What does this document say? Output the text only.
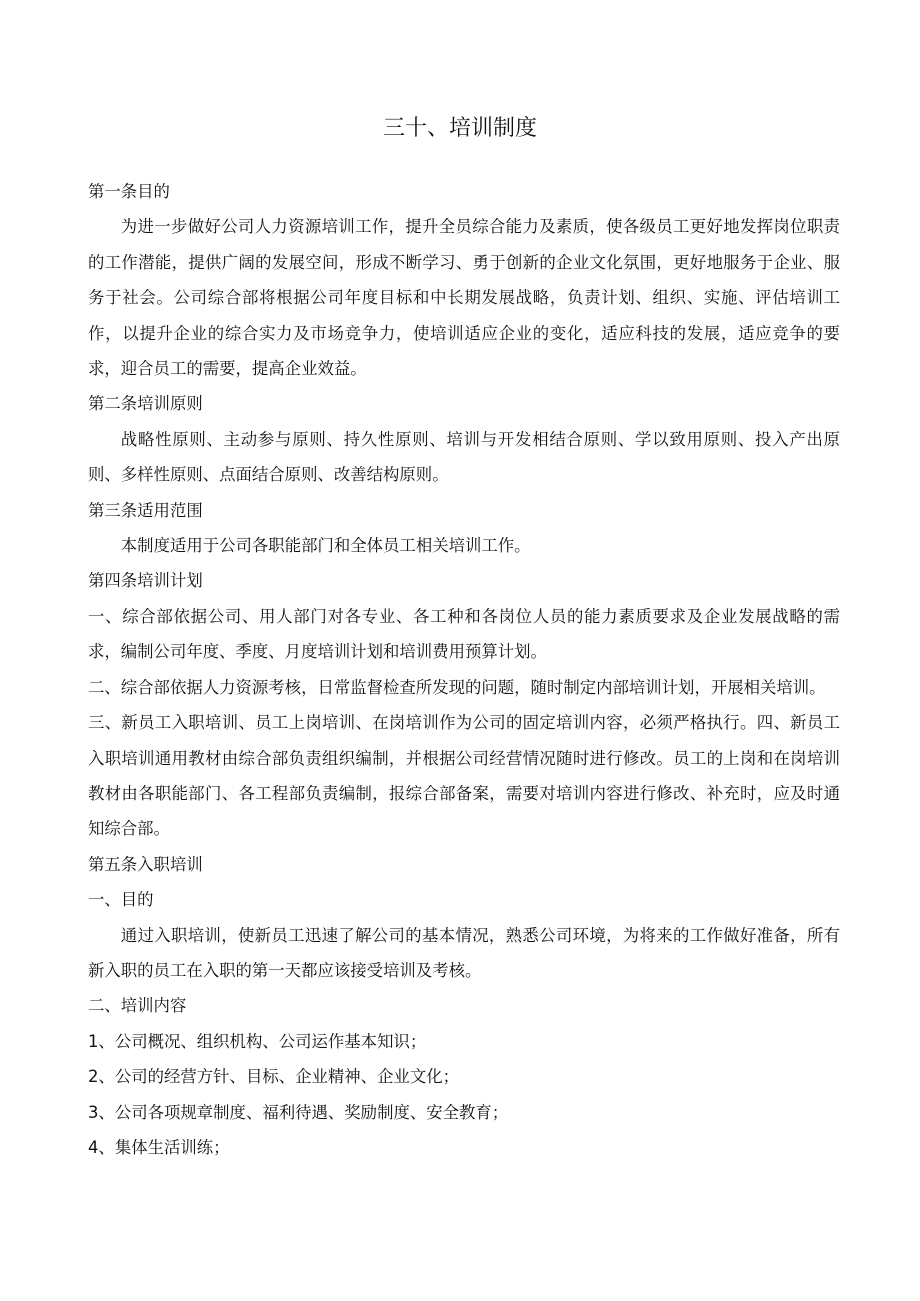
三十、培训制度

第一条目的

为进一步做好公司人力资源培训工作，提升全员综合能力及素质，使各级员工更好地发挥岗位职责的工作潜能，提供广阔的发展空间，形成不断学习、勇于创新的企业文化氛围，更好地服务于企业、服务于社会。公司综合部将根据公司年度目标和中长期发展战略，负责计划、组织、实施、评估培训工作，以提升企业的综合实力及市场竞争力，使培训适应企业的变化，适应科技的发展，适应竞争的要求，迎合员工的需要，提高企业效益。

第二条培训原则

战略性原则、主动参与原则、持久性原则、培训与开发相结合原则、学以致用原则、投入产出原则、多样性原则、点面结合原则、改善结构原则。

第三条适用范围

本制度适用于公司各职能部门和全体员工相关培训工作。

第四条培训计划

一、综合部依据公司、用人部门对各专业、各工种和各岗位人员的能力素质要求及企业发展战略的需求，编制公司年度、季度、月度培训计划和培训费用预算计划。

二、综合部依据人力资源考核，日常监督检查所发现的问题，随时制定内部培训计划，开展相关培训。

三、新员工入职培训、员工上岗培训、在岗培训作为公司的固定培训内容，必须严格执行。四、新员工入职培训通用教材由综合部负责组织编制，并根据公司经营情况随时进行修改。员工的上岗和在岗培训教材由各职能部门、各工程部负责编制，报综合部备案，需要对培训内容进行修改、补充时，应及时通知综合部。

第五条入职培训

一、目的

通过入职培训，使新员工迅速了解公司的基本情况，熟悉公司环境，为将来的工作做好准备，所有新入职的员工在入职的第一天都应该接受培训及考核。

二、培训内容

1、公司概况、组织机构、公司运作基本知识；

2、公司的经营方针、目标、企业精神、企业文化；

3、公司各项规章制度、福利待遇、奖励制度、安全教育；

4、集体生活训练；
